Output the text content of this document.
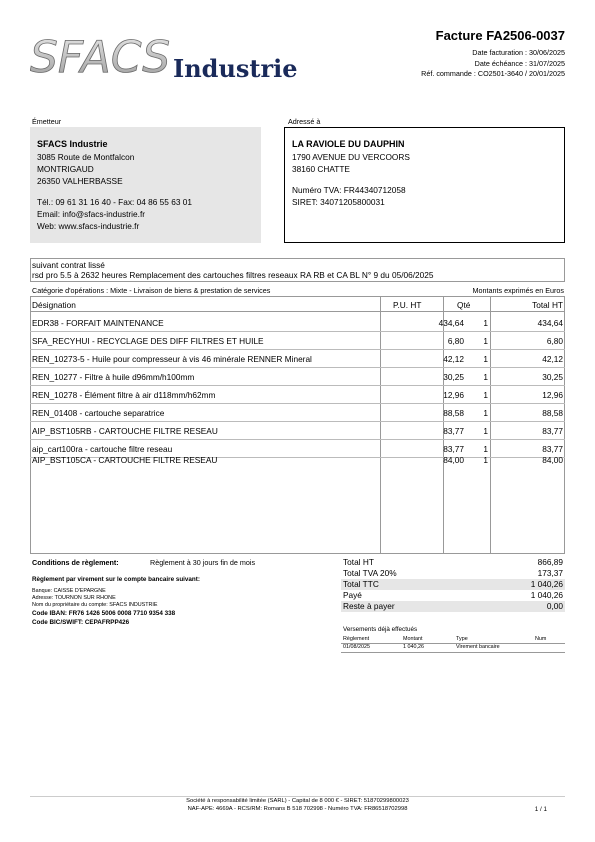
SFACS Industrie
Facture FA2506-0037
Date facturation : 30/06/2025
Date échéance : 31/07/2025
Réf. commande : CO2501-3640 / 20/01/2025
Émetteur
SFACS Industrie
3085 Route de Montfalcon
MONTRIGAUD
26350 VALHERBASSE
Tél.: 09 61 31 16 40 - Fax: 04 86 55 63 01
Email: info@sfacs-industrie.fr
Web: www.sfacs-industrie.fr
Adressé à
LA RAVIOLE DU DAUPHIN
1790 AVENUE DU VERCOORS
38160 CHATTE
Numéro TVA: FR44340712058
SIRET: 34071205800031
suivant contrat lissé
rsd pro 5.5 à 2632 heures Remplacement des cartouches filtres reseaux RA RB et CA BL N° 9 du 05/06/2025
Catégorie d'opérations : Mixte - Livraison de biens & prestation de services	Montants exprimés en Euros
Désignation	P.U. HT	Qté	Total HT
EDR38 - FORFAIT MAINTENANCE	434,64 1	434,64
SFA_RECYHUI - RECYCLAGE DES DIFF FILTRES ET HUILE	6,80 1	6,80
REN_10273-5 - Huile pour compresseur à vis 46 minérale RENNER Mineral	42,12 1	42,12
REN_10277 - Filtre à huile d96mm/h100mm	30,25 1	30,25
REN_10278 - Élément filtre à air d118mm/h62mm	12,96 1	12,96
REN_01408 - cartouche separatrice	88,58 1	88,58
AIP_BST105RB - CARTOUCHE FILTRE RESEAU	83,77 1	83,77
aip_cart100ra - cartouche filtre reseau	83,77 1	83,77
AIP_BST105CA - CARTOUCHE FILTRE RESEAU	84,00 1	84,00
Conditions de règlement:	Règlement à 30 jours fin de mois
Règlement par virement sur le compte bancaire suivant:
Banque: CAISSE D'EPARGNE
Adresse: TOURNON SUR RHONE
Nom du propriétaire du compte: SFACS INDUSTRIE
Code IBAN: FR76 1426 5006 0008 7710 9354 338
Code BIC/SWIFT: CEPAFRPP426
Total HT	866,89
Total TVA 20%	173,37
Total TTC	1 040,26
Payé	1 040,26
Reste à payer	0,00
Versements déjà effectués
Règlement	Montant	Type	Num
01/08/2025	1 040,26	Virement bancaire
Société à responsabilité limitée (SARL) - Capital de 8 000 € - SIRET: 51870299800023
NAF-APE: 4669A - RCS/RM: Romans B 518 702998 - Numéro TVA: FR86518702998	1 / 1
